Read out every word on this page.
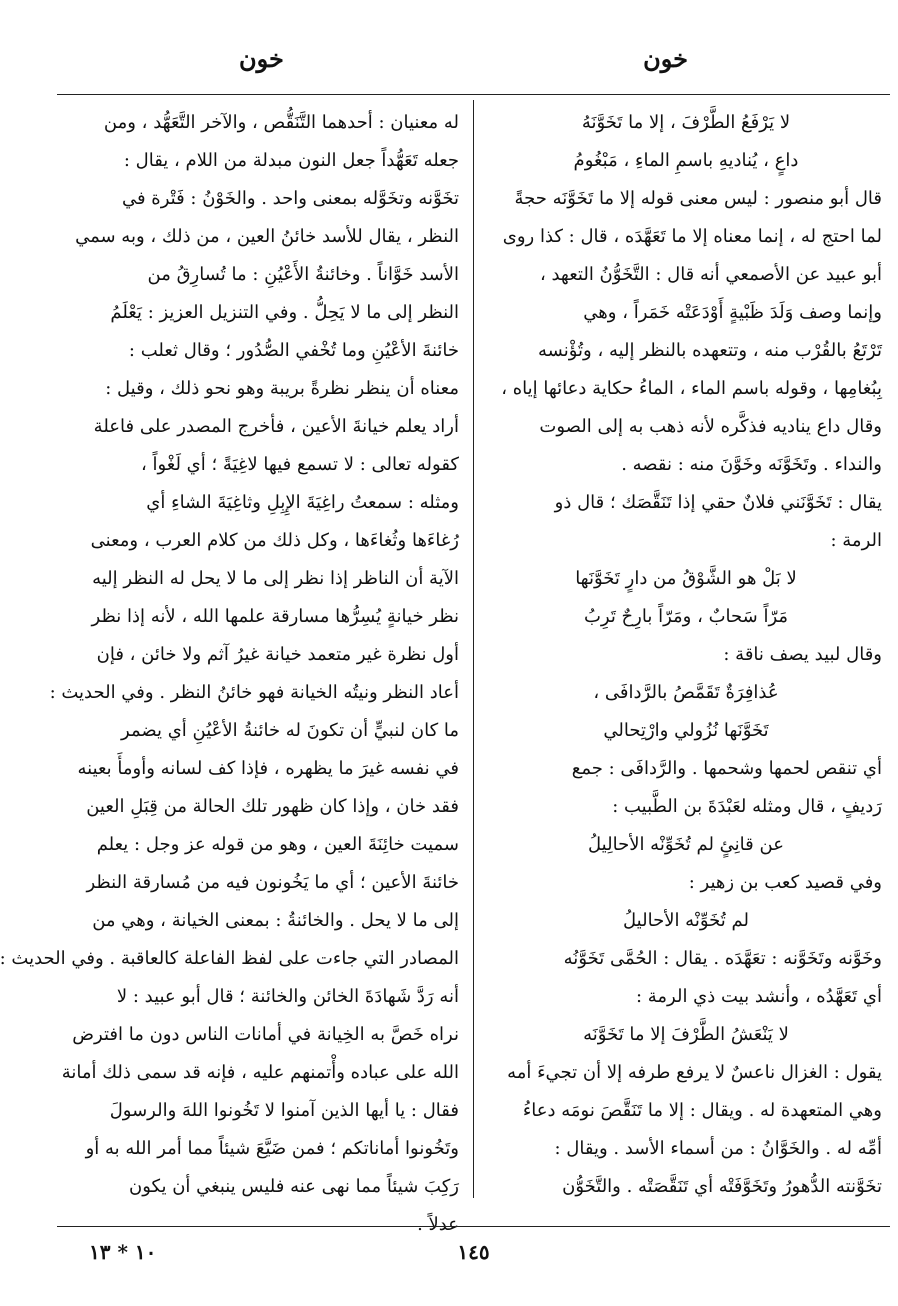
خون
خون
لا يَرْفَعُ الطَّرْفَ ، إلا ما تَخَوَّنَهُ
داعٍ ، يُناديهِ باسمِ الماءِ ، مَبْغُومُ
قال أبو منصور : ليس معنى قوله إلا ما تَخَوَّنَه حجةً
لما احتج له ، إنما معناه إلا ما تَعَهَّدَه ، قال : كذا روى
أبو عبيد عن الأصمعي أنه قال : التَّخَوُّنُ التعهد ،
وإنما وصف وَلَدَ ظَبْيةٍ أَوْدَعَتْه خَمَراً ، وهي
تَرْتَعُ بالقُرْب منه ، وتتعهده بالنظر إليه ، وتُؤْنسه
بِبُغامِها ، وقوله باسم الماء ، الماءُ حكاية دعائها إياه ،
وقال داع يناديه فذكَّره لأنه ذهب به إلى الصوت
والنداء . وتَخَوَّنَه وخَوَّنَ منه : نقصه .
يقال : تَخَوَّنَني فلانٌ حقي إذا تَنَقَّصَك ؛ قال ذو
الرمة :
لا بَلْ هو الشَّوْقُ من دارٍ تَخَوَّنَها
مَرّاً سَحابٌ ، ومَرّاً بارِحٌ تَرِبُ
وقال لبيد يصف ناقة :
عُذافِرَةٌ تَقَمَّصُ بالرَّدافَى ،
تَخَوَّنَها نُزُولي وارْتِحالي
أي تنقص لحمها وشحمها . والرَّدافَى : جمع
رَديفٍ ، قال ومثله لعَبْدَةَ بن الطَّبيب :
عن قانِئٍ لم تُخَوِّنْه الأحالِيلُ
وفي قصيد كعب بن زهير :
لم تُخَوِّنْه الأحاليلُ
وخَوَّنه وتَخَوَّنه : تعَهَّدَه . يقال : الحُمَّى تَخَوَّنُه
أي تَعَهَّدُه ، وأنشد بيت ذي الرمة :
لا يَنْعَشُ الطَّرْفَ إلا ما تَخَوَّنَه
يقول : الغزال ناعسٌ لا يرفع طرفه إلا أن تجيءَ أمه
وهي المتعهدة له . ويقال : إلا ما تَنَقَّصَ نومَه دعاءُ
أمِّه له . والخَوَّانُ : من أسماء الأسد . ويقال :
تخَوَّنته الدُّهورُ وتَخَوَّفَتْه أي تَنَقَّصَتْه . والتَّخَوُّن
له معنيان : أحدهما التَّنَقُّص ، والآخر التَّعَهُّد ، ومن
جعله تَعَهُّداً جعل النون مبدلة من اللام ، يقال :
تخَوَّنه وتخَوَّله بمعنى واحد . والخَوْنُ : فَتْرة في
النظر ، يقال للأسد خائنُ العين ، من ذلك ، وبه سمي
الأسد خَوَّاناً . وخائنةُ الأَعْيُنِ : ما تُسارِقُ من
النظر إلى ما لا يَحِلُّ . وفي التنزيل العزيز : يَعْلَمُ
خائنةَ الأعْيُنِ وما تُخْفي الصُّدُور ؛ وقال ثعلب :
معناه أن ينظر نظرةً بريبة وهو نحو ذلك ، وقيل :
أراد يعلم خيانةَ الأعين ، فأخرج المصدر على فاعلة
كقوله تعالى : لا تسمع فيها لاغِيَةً ؛ أي لَغْواً ،
ومثله : سمعتُ راغِيَةَ الإِبِلِ وثاغِيَةَ الشاءِ أي
رُغاءَها وثُغاءَها ، وكل ذلك من كلام العرب ، ومعنى
الآية أن الناظر إذا نظر إلى ما لا يحل له النظر إليه
نظر خيانةٍ يُسِرُّها مسارقة علمها الله ، لأنه إذا نظر
أول نظرة غير متعمد خيانة غيرُ آثم ولا خائن ، فإن
أعاد النظر ونيتُه الخيانة فهو خائنُ النظر . وفي الحديث :
ما كان لنبيٍّ أن تكونَ له خائنةُ الأعْيُنِ أي يضمر
في نفسه غيرَ ما يظهره ، فإذا كف لسانه وأومأَ بعينه
فقد خان ، وإذا كان ظهور تلك الحالة من قِبَلِ العين
سميت خائِنَةَ العين ، وهو من قوله عز وجل : يعلم
خائنةَ الأعين ؛ أي ما يَخُونون فيه من مُسارقة النظر
إلى ما لا يحل . والخائنةُ : بمعنى الخيانة ، وهي من
المصادر التي جاءت على لفظ الفاعلة كالعاقبة . وفي الحديث :
أنه رَدَّ شَهادَةَ الخائن والخائنة ؛ قال أبو عبيد : لا
نراه خَصَّ به الخِيانة في أمانات الناس دون ما افترض
الله على عباده وأْتمنهم عليه ، فإنه قد سمى ذلك أمانة
فقال : يا أيها الذين آمنوا لا تَخُونوا اللهَ والرسولَ
وتَخُونوا أماناتكم ؛ فمن ضَيَّعَ شيئاً مما أمر الله به أو
رَكِبَ شيئاً مما نهى عنه فليس ينبغي أن يكون
عدلاً .
١٤٥
١٠ * ١٣
